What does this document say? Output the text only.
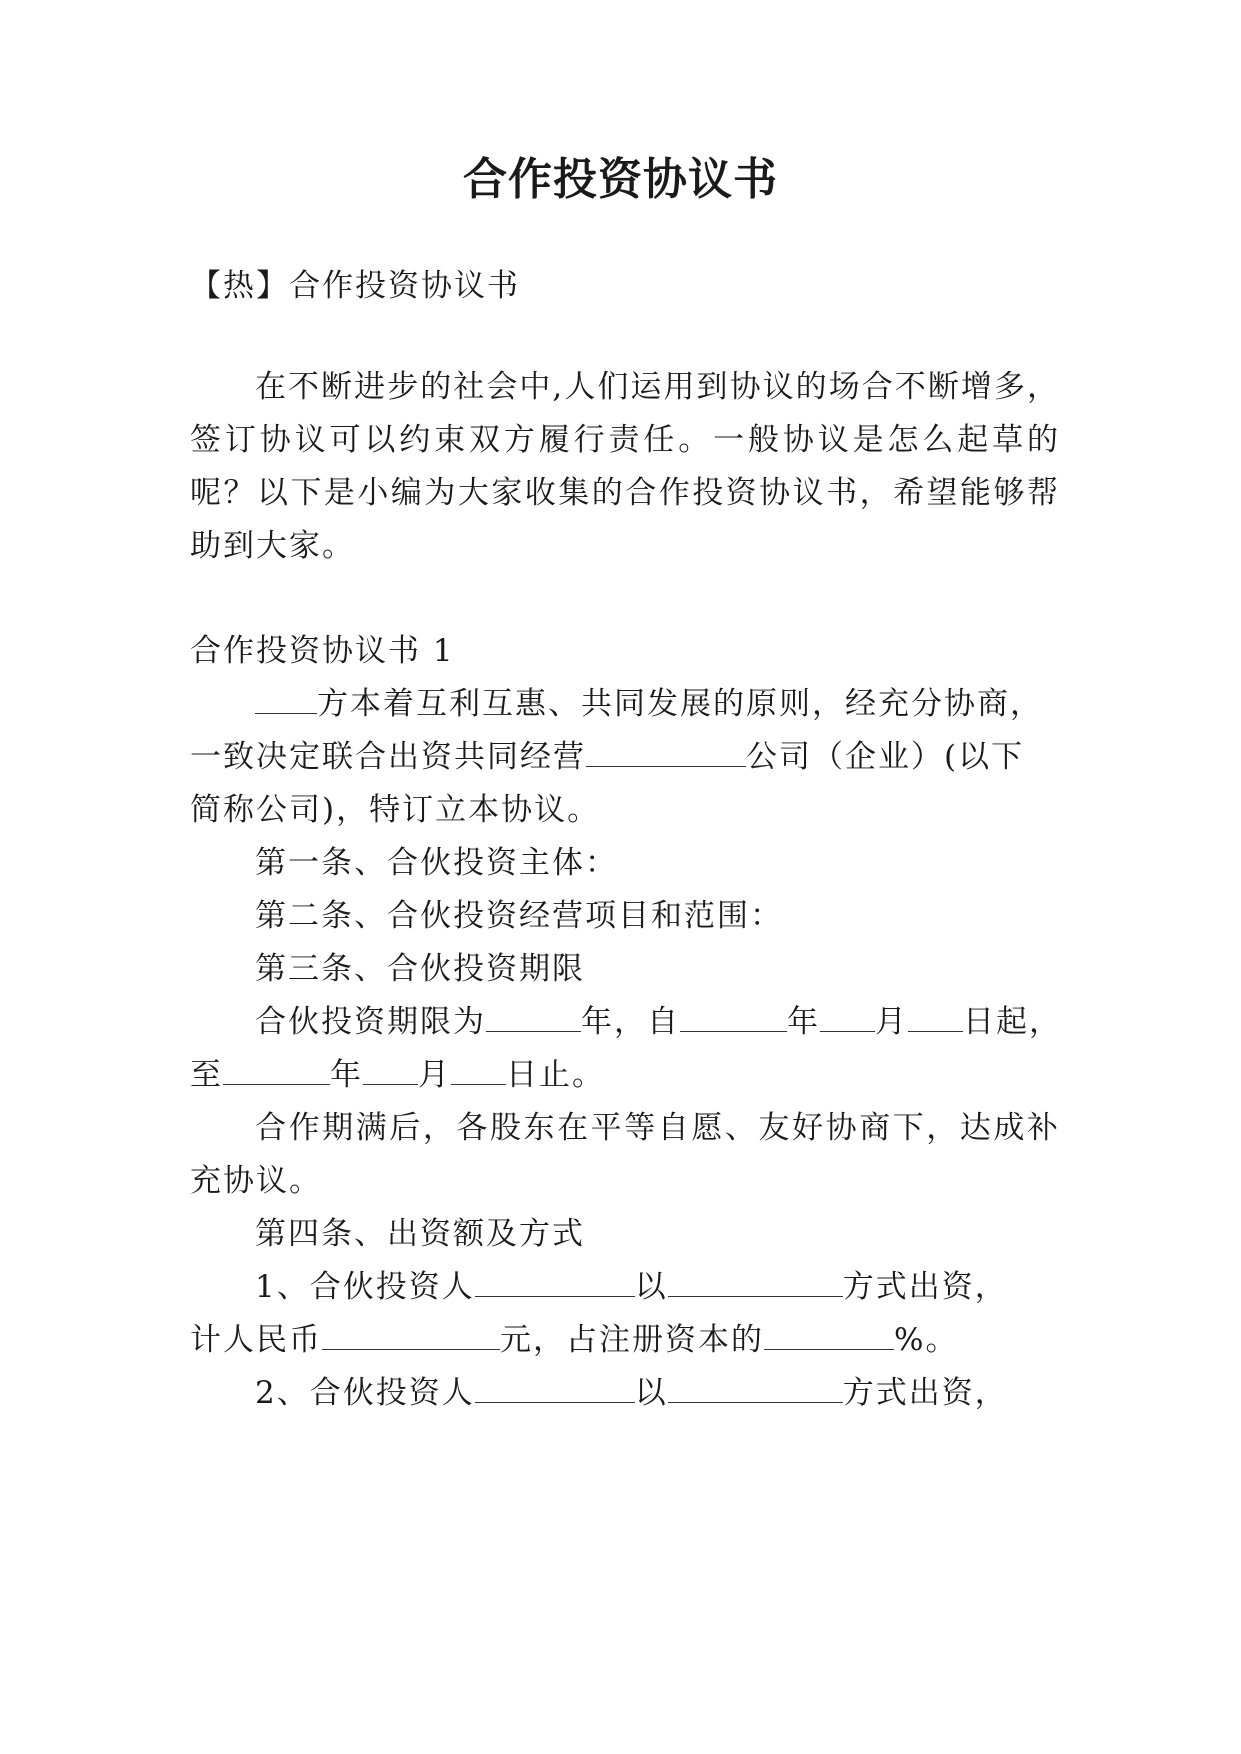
合作投资协议书
【热】合作投资协议书
在不断进步的社会中,人们运用到协议的场合不断增多，
签订协议可以约束双方履行责任。一般协议是怎么起草的
呢？以下是小编为大家收集的合作投资协议书，希望能够帮
助到大家。
合作投资协议书 1
方本着互利互惠、共同发展的原则，经充分协商，
一致决定联合出资共同经营	公司（企业）(以下
简称公司)，特订立本协议。
第一条、合伙投资主体：
第二条、合伙投资经营项目和范围：
第三条、合伙投资期限
合伙投资期限为	年，自	年 月 日起，
至	年 月 日止。
合作期满后，各股东在平等自愿、友好协商下，达成补
充协议。
第四条、出资额及方式
1、合伙投资人	以	方式出资，
计人民币	元，占注册资本的	%。
2、合伙投资人	以	方式出资，
